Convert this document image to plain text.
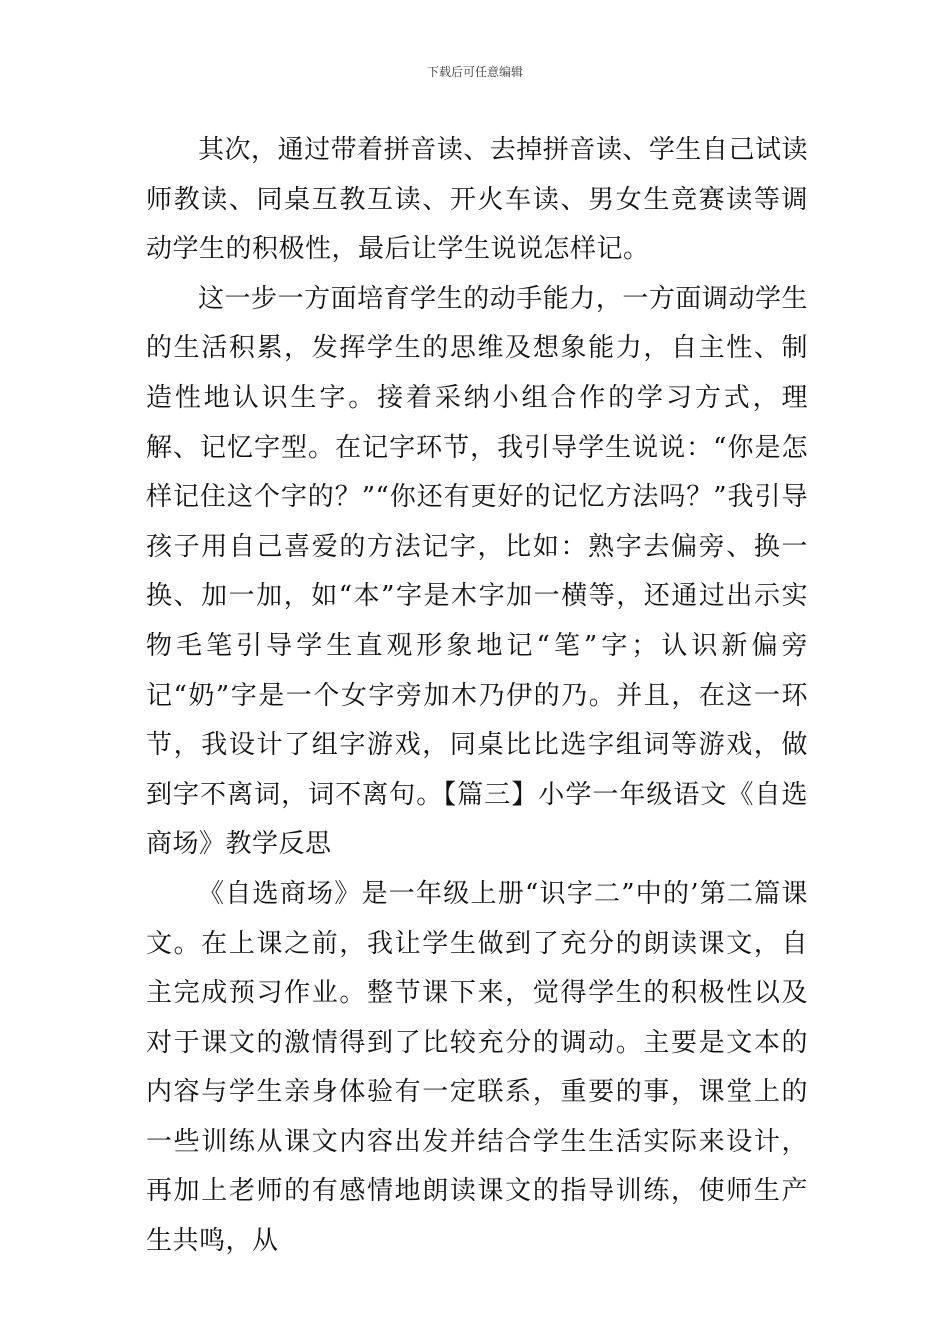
下载后可任意编辑

其次，通过带着拼音读、去掉拼音读、学生自己试读师教读、同桌互教互读、开火车读、男女生竞赛读等调动学生的积极性，最后让学生说说怎样记。

这一步一方面培育学生的动手能力，一方面调动学生的生活积累，发挥学生的思维及想象能力，自主性、制造性地认识生字。接着采纳小组合作的学习方式，理解、记忆字型。在记字环节，我引导学生说说：“你是怎样记住这个字的？”“你还有更好的记忆方法吗？”我引导孩子用自己喜爱的方法记字，比如：熟字去偏旁、换一换、加一加，如“本”字是木字加一横等，还通过出示实物毛笔引导学生直观形象地记“笔”字；认识新偏旁记“奶”字是一个女字旁加木乃伊的乃。并且，在这一环节，我设计了组字游戏，同桌比比选字组词等游戏，做到字不离词，词不离句。【篇三】小学一年级语文《自选商场》教学反思

《自选商场》是一年级上册“识字二”中的’第二篇课文。在上课之前，我让学生做到了充分的朗读课文，自主完成预习作业。整节课下来，觉得学生的积极性以及对于课文的激情得到了比较充分的调动。主要是文本的内容与学生亲身体验有一定联系，重要的事，课堂上的一些训练从课文内容出发并结合学生生活实际来设计，再加上老师的有感情地朗读课文的指导训练，使师生产生共鸣，从
